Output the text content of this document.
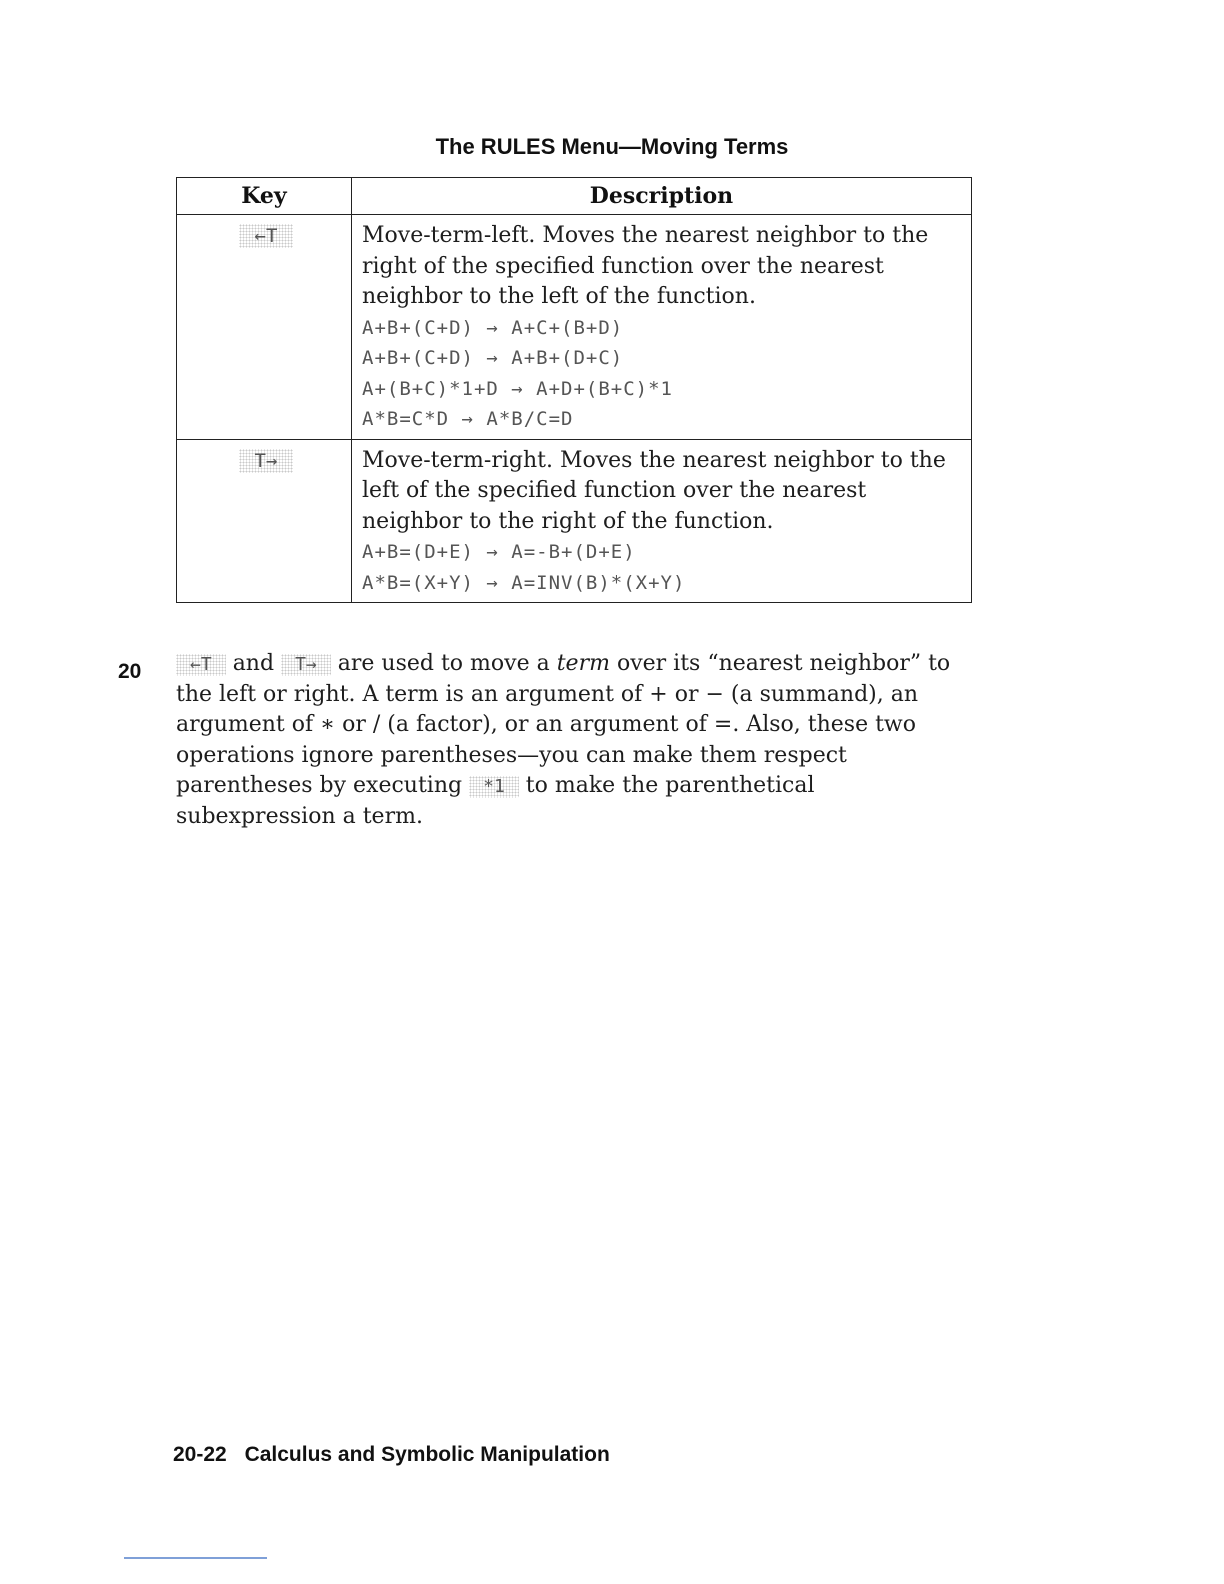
The RULES Menu—Moving Terms
Key	Description
←T	Move-term-left. Moves the nearest neighbor to the right of the specified function over the nearest neighbor to the left of the function.
A+B+(C+D) → A+C+(B+D)
A+B+(C+D) → A+B+(D+C)
A+(B+C)*1+D → A+D+(B+C)*1
A*B=C*D → A*B/C=D

T→	Move-term-right. Moves the nearest neighbor to the left of the specified function over the nearest neighbor to the right of the function.
A+B=(D+E) → A=-B+(D+E)
A*B=(X+Y) → A=INV(B)*(X+Y)
20	←T and T→ are used to move a term over its “nearest neighbor” to the left or right. A term is an argument of + or − (a summand), an argument of ∗ or / (a factor), or an argument of =. Also, these two operations ignore parentheses—you can make them respect parentheses by executing *1 to make the parenthetical subexpression a term.

20-22 Calculus and Symbolic Manipulation
